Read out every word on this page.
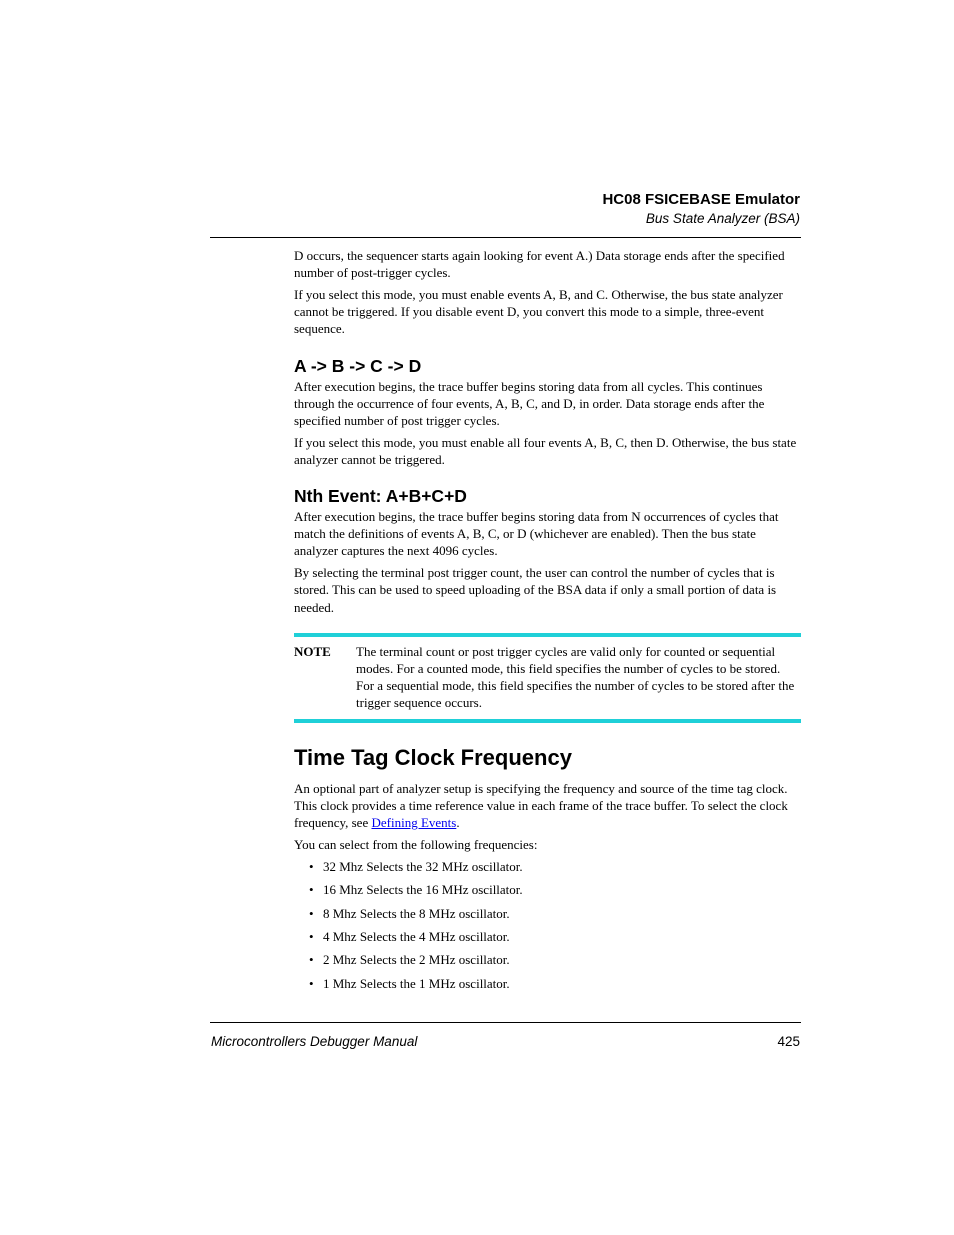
HC08 FSICEBASE Emulator
Bus State Analyzer (BSA)

D occurs, the sequencer starts again looking for event A.) Data storage ends after the specified number of post-trigger cycles.

If you select this mode, you must enable events A, B, and C. Otherwise, the bus state analyzer cannot be triggered. If you disable event D, you convert this mode to a simple, three-event sequence.

A -> B -> C -> D

After execution begins, the trace buffer begins storing data from all cycles. This continues through the occurrence of four events, A, B, C, and D, in order. Data storage ends after the specified number of post trigger cycles.

If you select this mode, you must enable all four events A, B, C, then D. Otherwise, the bus state analyzer cannot be triggered.

Nth Event: A+B+C+D

After execution begins, the trace buffer begins storing data from N occurrences of cycles that match the definitions of events A, B, C, or D (whichever are enabled). Then the bus state analyzer captures the next 4096 cycles.

By selecting the terminal post trigger count, the user can control the number of cycles that is stored. This can be used to speed uploading of the BSA data if only a small portion of data is needed.

NOTE	The terminal count or post trigger cycles are valid only for counted or sequential modes. For a counted mode, this field specifies the number of cycles to be stored. For a sequential mode, this field specifies the number of cycles to be stored after the trigger sequence occurs.
Time Tag Clock Frequency

An optional part of analyzer setup is specifying the frequency and source of the time tag clock. This clock provides a time reference value in each frame of the trace buffer. To select the clock frequency, see Defining Events.

You can select from the following frequencies:

• 32 Mhz Selects the 32 MHz oscillator.
• 16 Mhz Selects the 16 MHz oscillator.
• 8 Mhz Selects the 8 MHz oscillator.
• 4 Mhz Selects the 4 MHz oscillator.
• 2 Mhz Selects the 2 MHz oscillator.
• 1 Mhz Selects the 1 MHz oscillator.
Microcontrollers Debugger Manual	425
